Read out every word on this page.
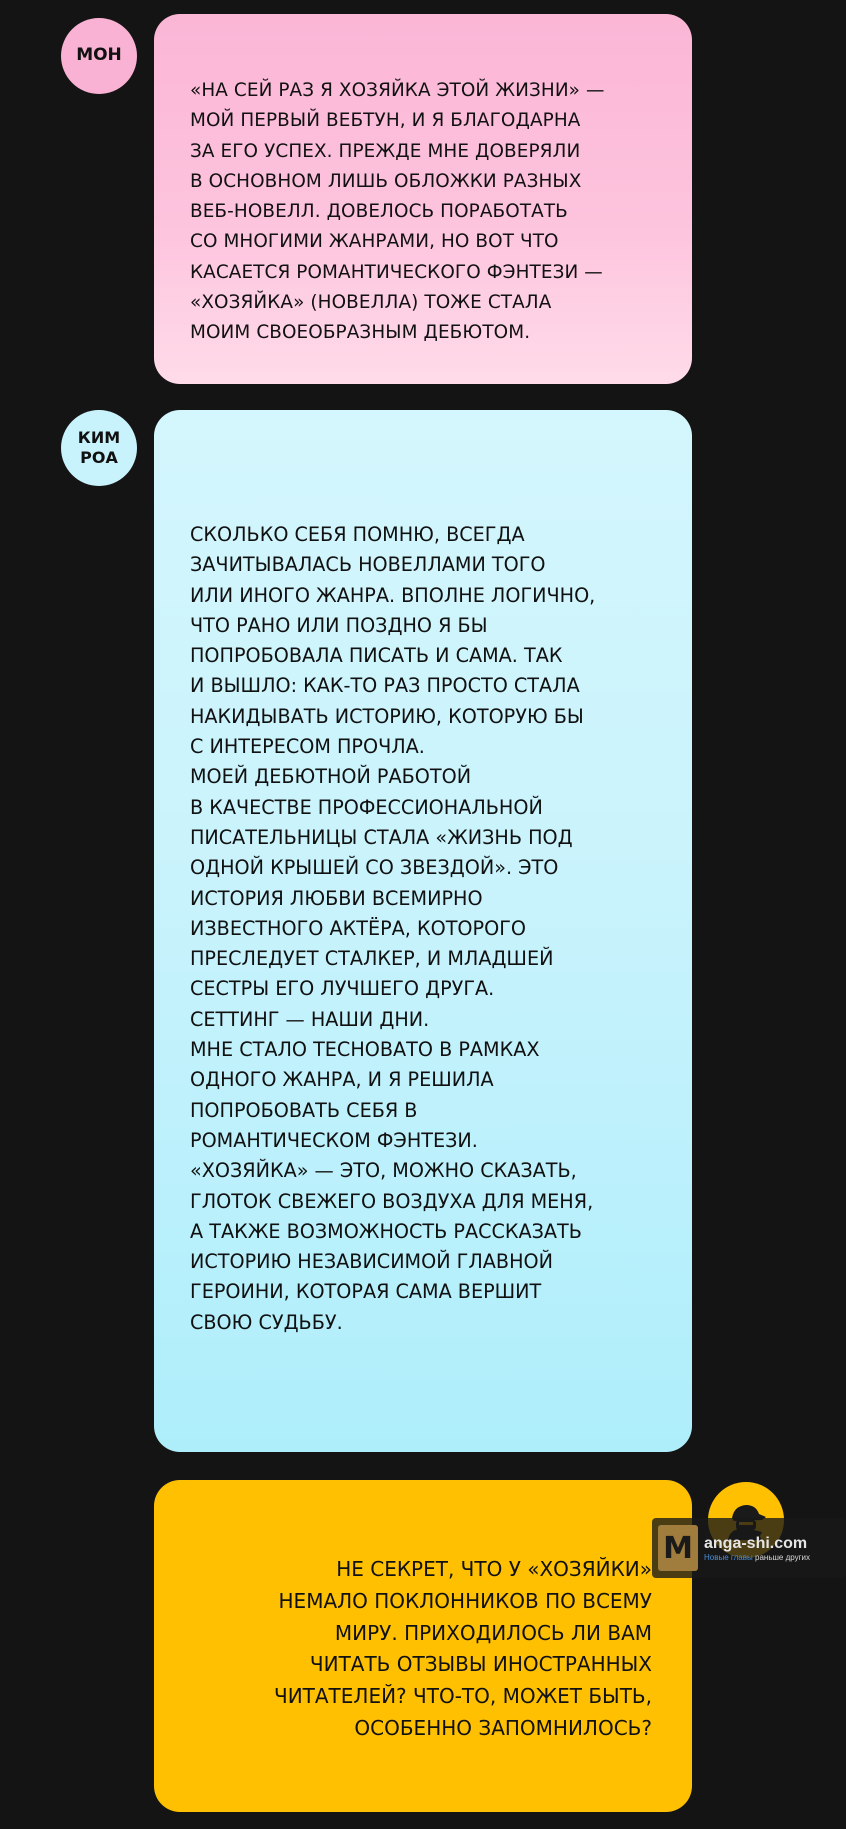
МОН
«НА СЕЙ РАЗ Я ХОЗЯЙКА ЭТОЙ ЖИЗНИ» —
МОЙ ПЕРВЫЙ ВЕБТУН, И Я БЛАГОДАРНА
ЗА ЕГО УСПЕХ. ПРЕЖДЕ МНЕ ДОВЕРЯЛИ
В ОСНОВНОМ ЛИШЬ ОБЛОЖКИ РАЗНЫХ
ВЕБ-НОВЕЛЛ. ДОВЕЛОСЬ ПОРАБОТАТЬ
СО МНОГИМИ ЖАНРАМИ, НО ВОТ ЧТО
КАСАЕТСЯ РОМАНТИЧЕСКОГО ФЭНТЕЗИ —
«ХОЗЯЙКА» (НОВЕЛЛА) ТОЖЕ СТАЛА
МОИМ СВОЕОБРАЗНЫМ ДЕБЮТОМ.
КИМ
РОА
СКОЛЬКО СЕБЯ ПОМНЮ, ВСЕГДА
ЗАЧИТЫВАЛАСЬ НОВЕЛЛАМИ ТОГО
ИЛИ ИНОГО ЖАНРА. ВПОЛНЕ ЛОГИЧНО,
ЧТО РАНО ИЛИ ПОЗДНО Я БЫ
ПОПРОБОВАЛА ПИСАТЬ И САМА. ТАК
И ВЫШЛО: КАК-ТО РАЗ ПРОСТО СТАЛА
НАКИДЫВАТЬ ИСТОРИЮ, КОТОРУЮ БЫ
С ИНТЕРЕСОМ ПРОЧЛА.
МОЕЙ ДЕБЮТНОЙ РАБОТОЙ
В КАЧЕСТВЕ ПРОФЕССИОНАЛЬНОЙ
ПИСАТЕЛЬНИЦЫ СТАЛА «ЖИЗНЬ ПОД
ОДНОЙ КРЫШЕЙ СО ЗВЕЗДОЙ». ЭТО
ИСТОРИЯ ЛЮБВИ ВСЕМИРНО
ИЗВЕСТНОГО АКТЁРА, КОТОРОГО
ПРЕСЛЕДУЕТ СТАЛКЕР, И МЛАДШЕЙ
СЕСТРЫ ЕГО ЛУЧШЕГО ДРУГА.
СЕТТИНГ — НАШИ ДНИ.
МНЕ СТАЛО ТЕСНОВАТО В РАМКАХ
ОДНОГО ЖАНРА, И Я РЕШИЛА
ПОПРОБОВАТЬ СЕБЯ В
РОМАНТИЧЕСКОМ ФЭНТЕЗИ.
«ХОЗЯЙКА» — ЭТО, МОЖНО СКАЗАТЬ,
ГЛОТОК СВЕЖЕГО ВОЗДУХА ДЛЯ МЕНЯ,
А ТАКЖЕ ВОЗМОЖНОСТЬ РАССКАЗАТЬ
ИСТОРИЮ НЕЗАВИСИМОЙ ГЛАВНОЙ
ГЕРОИНИ, КОТОРАЯ САМА ВЕРШИТ
СВОЮ СУДЬБУ.
НЕ СЕКРЕТ, ЧТО У «ХОЗЯЙКИ»
НЕМАЛО ПОКЛОННИКОВ ПО ВСЕМУ
МИРУ. ПРИХОДИЛОСЬ ЛИ ВАМ
ЧИТАТЬ ОТЗЫВЫ ИНОСТРАННЫХ
ЧИТАТЕЛЕЙ? ЧТО-ТО, МОЖЕТ БЫТЬ,
ОСОБЕННО ЗАПОМНИЛОСЬ?
M anga-shi.com
Новые главы раньше других
